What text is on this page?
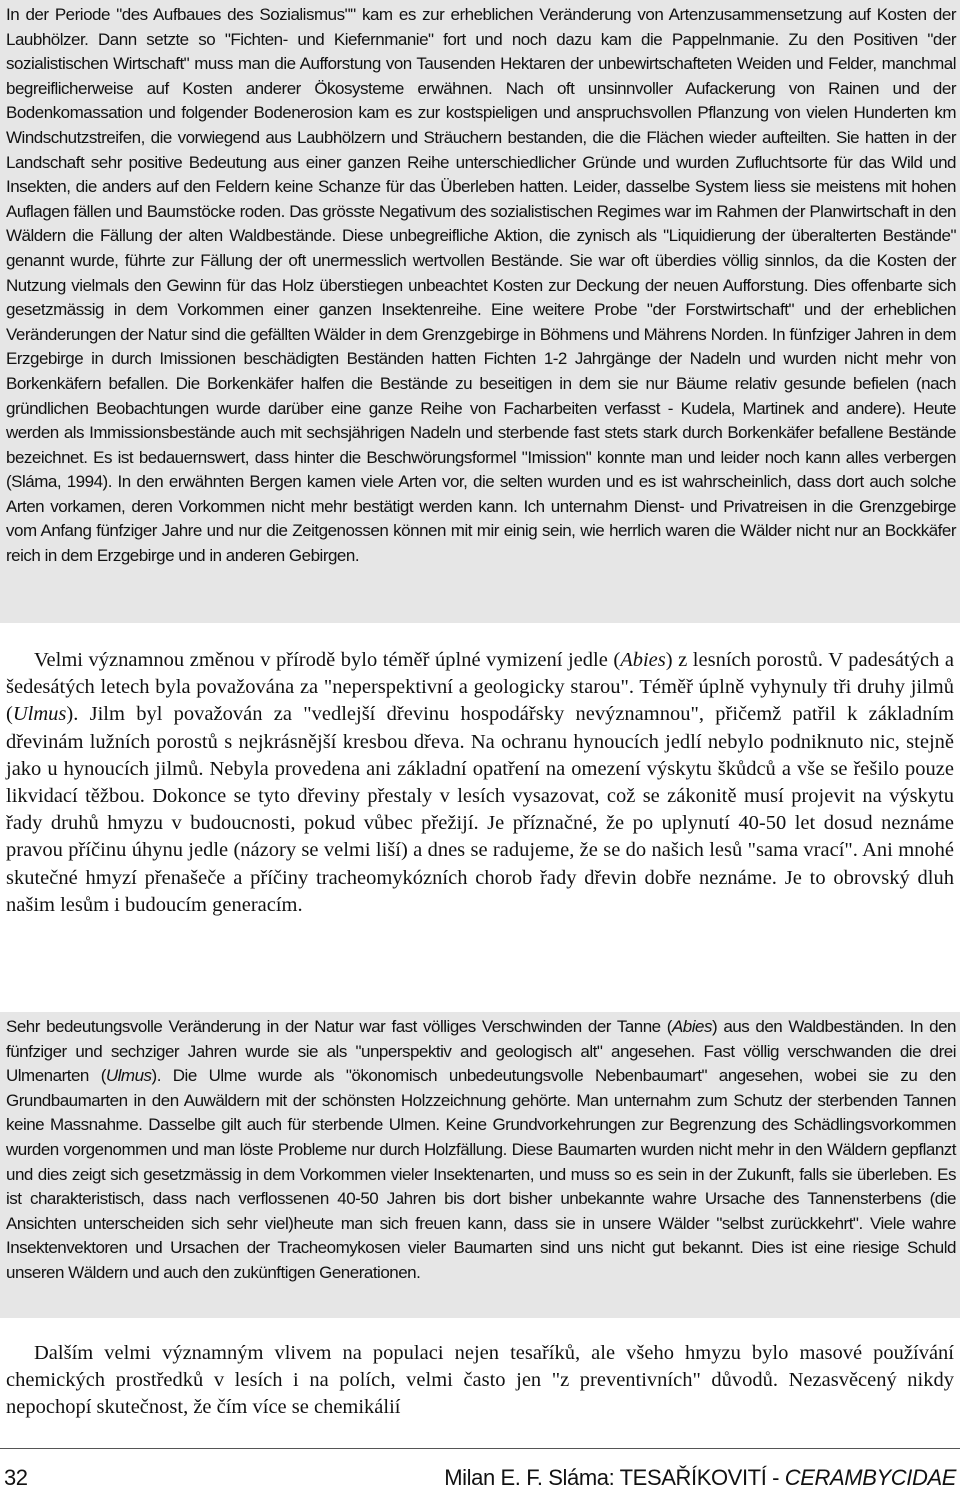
In der Periode "des Aufbaues des Sozialismus"" kam es zur erheblichen Veränderung von Artenzusammensetzung auf Kosten der Laubhölzer. Dann setzte so "Fichten- und Kiefernmanie" fort und noch dazu kam die Pappelnmanie. Zu den Positiven "der sozialistischen Wirtschaft" muss man die Aufforstung von Tausenden Hektaren der unbewirtschafteten Weiden und Felder, manchmal begreiflicherweise auf Kosten anderer Ökosysteme erwähnen. Nach oft unsinnvoller Aufackerung von Rainen und der Bodenkomassation und folgender Bodenerosion kam es zur kostspieligen und anspruchsvollen Pflanzung von vielen Hunderten km Windschutzstreifen, die vorwiegend aus Laubhölzern und Sträuchern bestanden, die die Flächen wieder aufteilten. Sie hatten in der Landschaft sehr positive Bedeutung aus einer ganzen Reihe unterschiedlicher Gründe und wurden Zufluchtsorte für das Wild und Insekten, die anders auf den Feldern keine Schanze für das Überleben hatten. Leider, dasselbe System liess sie meistens mit hohen Auflagen fällen und Baumstöcke roden. Das grösste Negativum des sozialistischen Regimes war im Rahmen der Planwirtschaft in den Wäldern die Fällung der alten Waldbestände. Diese unbegreifliche Aktion, die zynisch als "Liquidierung der überalterten Bestände" genannt wurde, führte zur Fällung der oft unermesslich wertvollen Bestände. Sie war oft überdies völlig sinnlos, da die Kosten der Nutzung vielmals den Gewinn für das Holz überstiegen unbeachtet Kosten zur Deckung der neuen Aufforstung. Dies offenbarte sich gesetzmässig in dem Vorkommen einer ganzen Insektenreihe. Eine weitere Probe "der Forstwirtschaft" und der erheblichen Veränderungen der Natur sind die gefällten Wälder in dem Grenzgebirge in Böhmens und Mährens Norden. In fünfziger Jahren in dem Erzgebirge in durch Imissionen beschädigten Beständen hatten Fichten 1-2 Jahrgänge der Nadeln und wurden nicht mehr von Borkenkäfern befallen. Die Borkenkäfer halfen die Bestände zu beseitigen in dem sie nur Bäume relativ gesunde befielen (nach gründlichen Beobachtungen wurde darüber eine ganze Reihe von Facharbeiten verfasst - Kudela, Martinek and andere). Heute werden als Immissionsbestände auch mit sechsjährigen Nadeln und sterbende fast stets stark durch Borkenkäfer befallene Bestände bezeichnet. Es ist bedauernswert, dass hinter die Beschwörungsformel "Imission" konnte man und leider noch kann alles verbergen (Sláma, 1994). In den erwähnten Bergen kamen viele Arten vor, die selten wurden und es ist wahrscheinlich, dass dort auch solche Arten vorkamen, deren Vorkommen nicht mehr bestätigt werden kann. Ich unternahm Dienst- und Privatreisen in die Grenzgebirge vom Anfang fünfziger Jahre und nur die Zeitgenossen können mit mir einig sein, wie herrlich waren die Wälder nicht nur an Bockkäfer reich in dem Erzgebirge und in anderen Gebirgen.

Velmi významnou změnou v přírodě bylo téměř úplné vymizení jedle (Abies) z lesních porostů. V padesátých a šedesátých letech byla považována za "neperspektivní a geologicky starou". Téměř úplně vyhynuly tři druhy jilmů (Ulmus). Jilm byl považován za "vedlejší dřevinu hospodářsky nevýznamnou", přičemž patřil k základním dřevinám lužních porostů s nejkrásnější kresbou dřeva. Na ochranu hynoucích jedlí nebylo podniknuto nic, stejně jako u hynoucích jilmů. Nebyla provedena ani základní opatření na omezení výskytu škůdců a vše se řešilo pouze likvidací těžbou. Dokonce se tyto dřeviny přestaly v lesích vysazovat, což se zákonitě musí projevit na výskytu řady druhů hmyzu v budoucnosti, pokud vůbec přežijí. Je příznačné, že po uplynutí 40-50 let dosud neznáme pravou příčinu úhynu jedle (názory se velmi liší) a dnes se radujeme, že se do našich lesů "sama vrací". Ani mnohé skutečné hmyzí přenašeče a příčiny tracheomykózních chorob řady dřevin dobře neznáme. Je to obrovský dluh našim lesům i budoucím generacím.

Sehr bedeutungsvolle Veränderung in der Natur war fast völliges Verschwinden der Tanne (Abies) aus den Waldbeständen. In den fünfziger und sechziger Jahren wurde sie als "unperspektiv and geologisch alt" angesehen. Fast völlig verschwanden die drei Ulmenarten (Ulmus). Die Ulme wurde als "ökonomisch unbedeutungsvolle Nebenbaumart" angesehen, wobei sie zu den Grundbaumarten in den Auwäldern mit der schönsten Holzzeichnung gehörte. Man unternahm zum Schutz der sterbenden Tannen keine Massnahme. Dasselbe gilt auch für sterbende Ulmen. Keine Grundvorkehrungen zur Begrenzung des Schädlingsvorkommen wurden vorgenommen und man löste Probleme nur durch Holzfällung. Diese Baumarten wurden nicht mehr in den Wäldern gepflanzt und dies zeigt sich gesetzmässig in dem Vorkommen vieler Insektenarten, und muss so es sein in der Zukunft, falls sie überleben. Es ist charakteristisch, dass nach verflossenen 40-50 Jahren bis dort bisher unbekannte wahre Ursache des Tannensterbens (die Ansichten unterscheiden sich sehr viel)heute man sich freuen kann, dass sie in unsere Wälder "selbst zurückkehrt". Viele wahre Insektenvektoren und Ursachen der Tracheomykosen vieler Baumarten sind uns nicht gut bekannt. Dies ist eine riesige Schuld unseren Wäldern und auch den zukünftigen Generationen.

Dalším velmi významným vlivem na populaci nejen tesaříků, ale všeho hmyzu bylo masové používání chemických prostředků v lesích i na polích, velmi často jen "z preventivních" důvodů. Nezasvěcený nikdy nepochopí skutečnost, že čím více se chemikálií

32	Milan E. F. Sláma: TESAŘÍKOVITÍ - CERAMBYCIDAE
